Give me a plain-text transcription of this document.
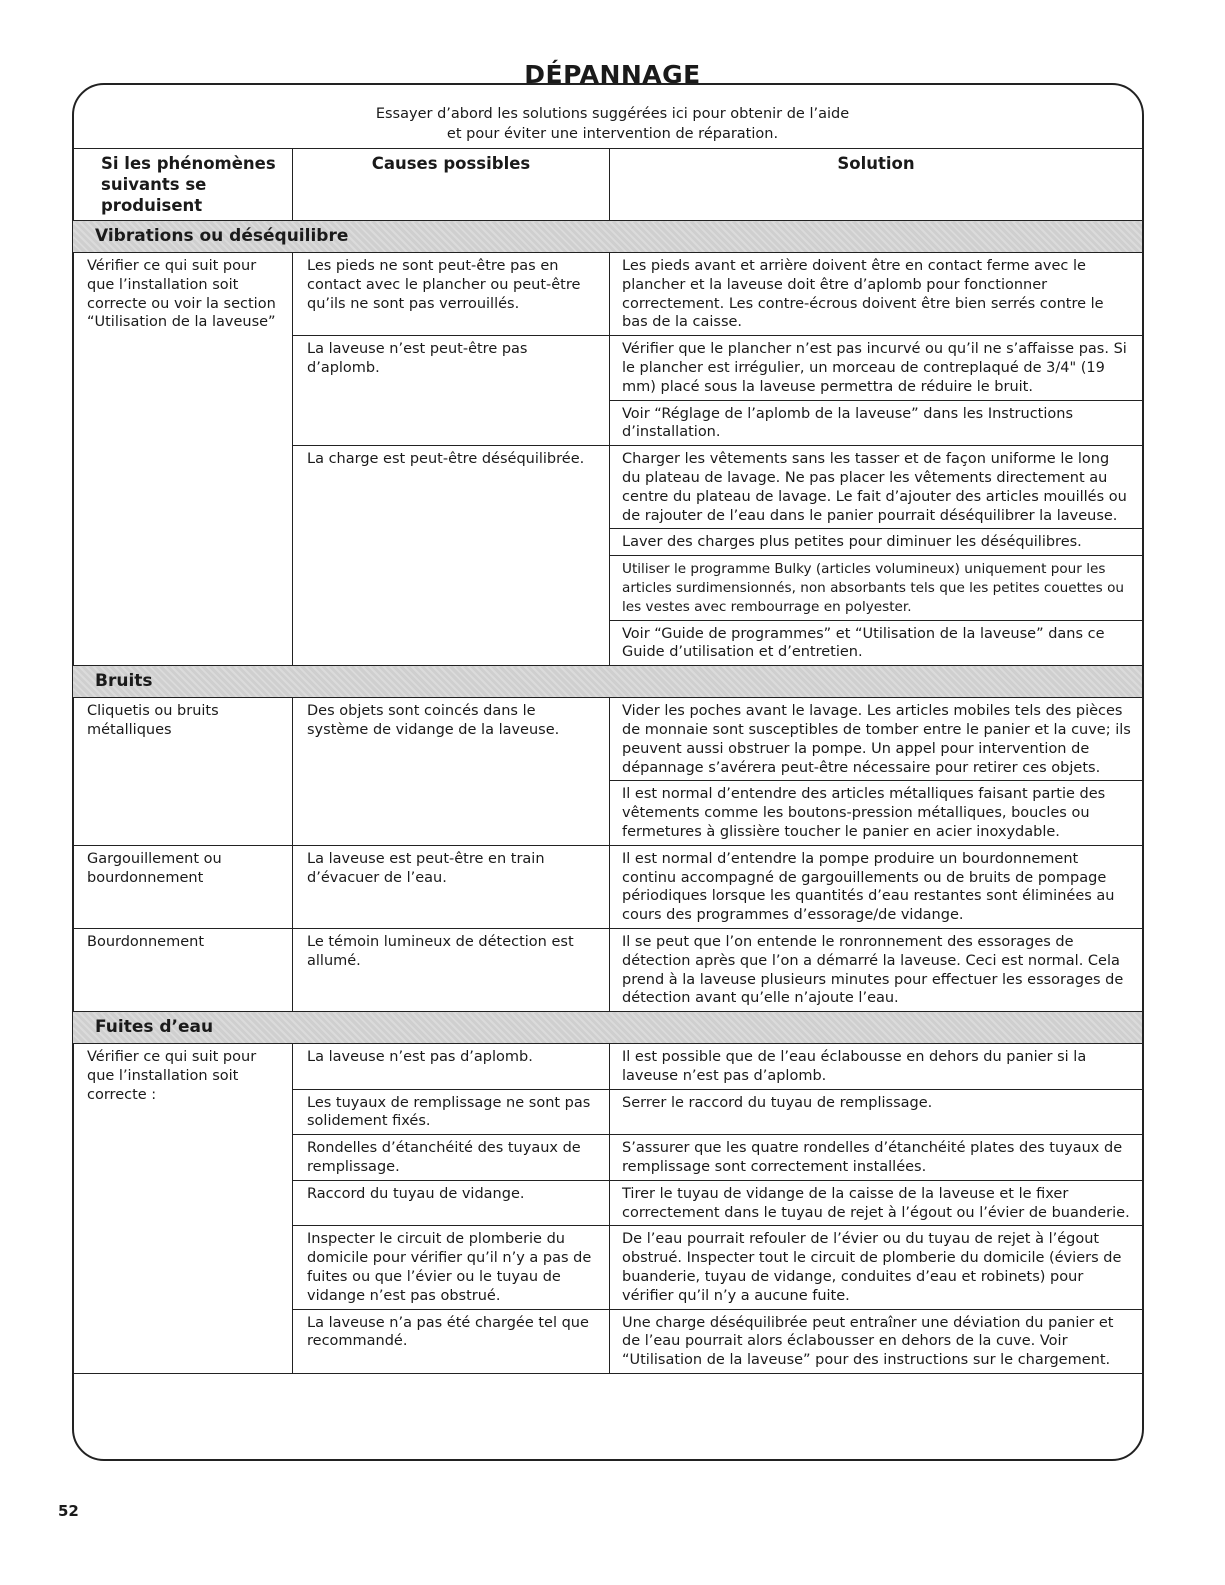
DÉPANNAGE
Essayer d’abord les solutions suggérées ici pour obtenir de l’aide
et pour éviter une intervention de réparation.
Si les phénomènes suivants se produisent	Causes possibles	Solution
Vibrations ou déséquilibre		
Vérifier ce qui suit pour que l’installation soit correcte ou voir la section “Utilisation de la laveuse”	Les pieds ne sont peut-être pas en contact avec le plancher ou peut-être qu’ils ne sont pas verrouillés.	Les pieds avant et arrière doivent être en contact ferme avec le plancher et la laveuse doit être d’aplomb pour fonctionner correctement. Les contre-écrous doivent être bien serrés contre le bas de la caisse.
	La laveuse n’est peut-être pas d’aplomb.	Vérifier que le plancher n’est pas incurvé ou qu’il ne s’affaisse pas. Si le plancher est irrégulier, un morceau de contreplaqué de 3/4" (19 mm) placé sous la laveuse permettra de réduire le bruit.
		Voir “Réglage de l’aplomb de la laveuse” dans les Instructions d’installation.
	La charge est peut-être déséquilibrée.	Charger les vêtements sans les tasser et de façon uniforme le long du plateau de lavage. Ne pas placer les vêtements directement au centre du plateau de lavage. Le fait d’ajouter des articles mouillés ou de rajouter de l’eau dans le panier pourrait déséquilibrer la laveuse.
		Laver des charges plus petites pour diminuer les déséquilibres.
		Utiliser le programme Bulky (articles volumineux) uniquement pour les articles surdimensionnés, non absorbants tels que les petites couettes ou les vestes avec rembourrage en polyester.
		Voir “Guide de programmes” et “Utilisation de la laveuse” dans ce Guide d’utilisation et d’entretien.
Bruits		
Cliquetis ou bruits métalliques	Des objets sont coincés dans le système de vidange de la laveuse.	Vider les poches avant le lavage. Les articles mobiles tels des pièces de monnaie sont susceptibles de tomber entre le panier et la cuve; ils peuvent aussi obstruer la pompe. Un appel pour intervention de dépannage s’avérera peut-être nécessaire pour retirer ces objets.
		Il est normal d’entendre des articles métalliques faisant partie des vêtements comme les boutons-pression métalliques, boucles ou fermetures à glissière toucher le panier en acier inoxydable.
Gargouillement ou bourdonnement	La laveuse est peut-être en train d’évacuer de l’eau.	Il est normal d’entendre la pompe produire un bourdonnement continu accompagné de gargouillements ou de bruits de pompage périodiques lorsque les quantités d’eau restantes sont éliminées au cours des programmes d’essorage/de vidange.
Bourdonnement	Le témoin lumineux de détection est allumé.	Il se peut que l’on entende le ronronnement des essorages de détection après que l’on a démarré la laveuse. Ceci est normal. Cela prend à la laveuse plusieurs minutes pour effectuer les essorages de détection avant qu’elle n’ajoute l’eau.
Fuites d’eau		
Vérifier ce qui suit pour que l’installation soit correcte :	La laveuse n’est pas d’aplomb.	Il est possible que de l’eau éclabousse en dehors du panier si la laveuse n’est pas d’aplomb.
	Les tuyaux de remplissage ne sont pas solidement fixés.	Serrer le raccord du tuyau de remplissage.
	Rondelles d’étanchéité des tuyaux de remplissage.	S’assurer que les quatre rondelles d’étanchéité plates des tuyaux de remplissage sont correctement installées.
	Raccord du tuyau de vidange.	Tirer le tuyau de vidange de la caisse de la laveuse et le fixer correctement dans le tuyau de rejet à l’égout ou l’évier de buanderie.
	Inspecter le circuit de plomberie du domicile pour vérifier qu’il n’y a pas de fuites ou que l’évier ou le tuyau de vidange n’est pas obstrué.	De l’eau pourrait refouler de l’évier ou du tuyau de rejet à l’égout obstrué. Inspecter tout le circuit de plomberie du domicile (éviers de buanderie, tuyau de vidange, conduites d’eau et robinets) pour vérifier qu’il n’y a aucune fuite.
	La laveuse n’a pas été chargée tel que recommandé.	Une charge déséquilibrée peut entraîner une déviation du panier et de l’eau pourrait alors éclabousser en dehors de la cuve. Voir “Utilisation de la laveuse” pour des instructions sur le chargement.
52
